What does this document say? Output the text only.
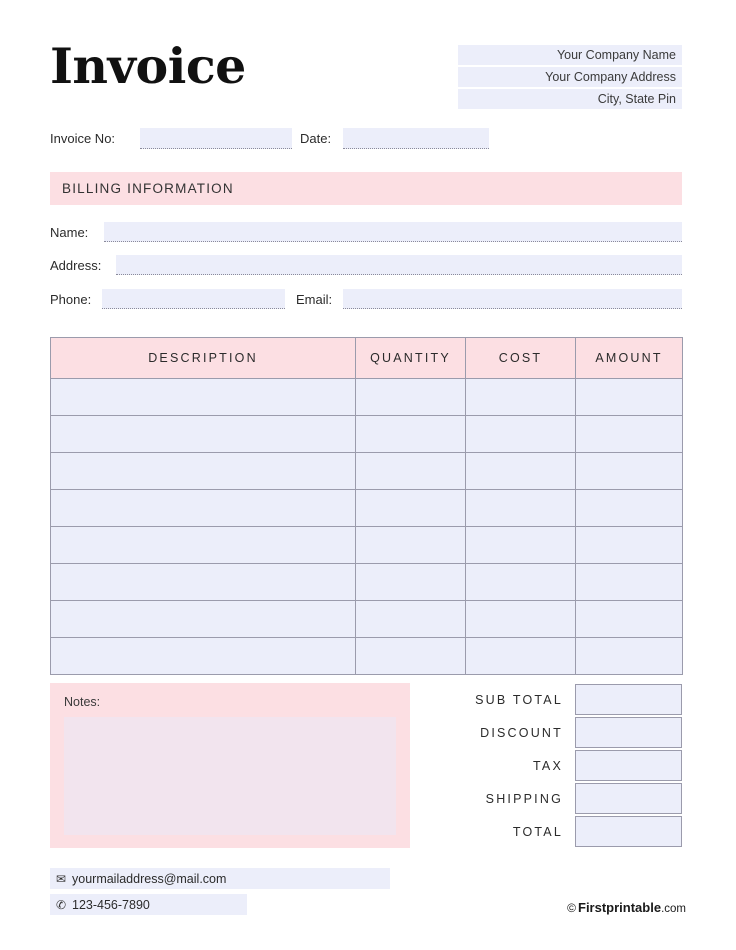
Invoice	Your Company Name
Your Company Address
City, State Pin
Invoice No:	Date:
BILLING INFORMATION
Name:
Address:
Phone:	Email:
DESCRIPTION	QUANTITY	COST	AMOUNT

Notes:	SUB TOTAL
DISCOUNT
TAX
SHIPPING
TOTAL
✉ yourmailaddress@mail.com
✆ 123-456-7890	© Firstprintable .com
